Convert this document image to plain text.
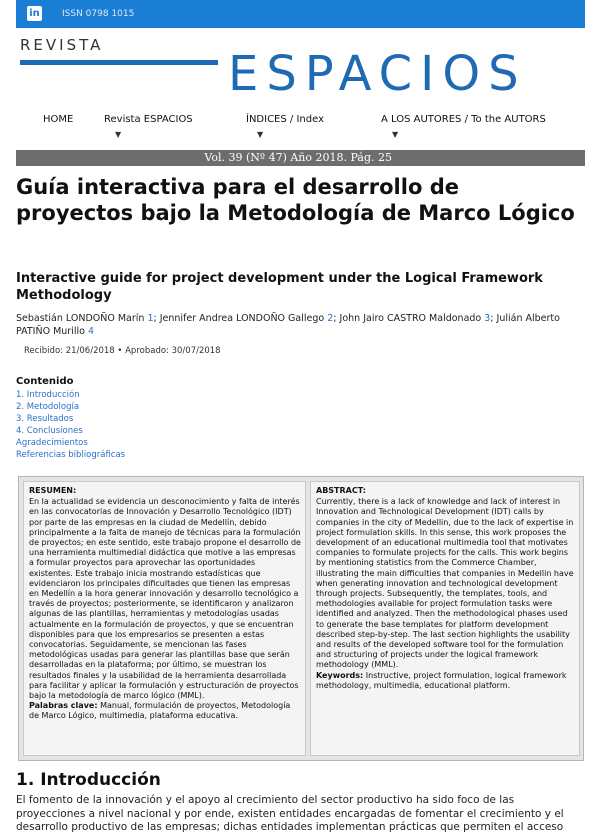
in ISSN 0798 1015
REVISTA
ESPACIOS
HOME	Revista ESPACIOS
▼
ÍNDICES / Index
▼
A LOS AUTORES / To the AUTORS
▼
Vol. 39 (Nº 47) Año 2018. Pág. 25
Guía interactiva para el desarrollo de proyectos bajo la Metodología de Marco Lógico
Interactive guide for project development under the Logical Framework Methodology
Sebastián LONDOÑO Marín 1; Jennifer Andrea LONDOÑO Gallego 2; John Jairo CASTRO Maldonado 3; Julián Alberto PATIÑO Murillo 4
Recibido: 21/06/2018 • Aprobado: 30/07/2018
Contenido
1. Introducción
2. Metodología
3. Resultados
4. Conclusiones
Agradecimientos
Referencias bibliográficas
RESUMEN:
En la actualidad se evidencia un desconocimiento y falta de interés en las convocatorias de Innovación y Desarrollo Tecnológico (IDT) por parte de las empresas en la ciudad de Medellín, debido principalmente a la falta de manejo de técnicas para la formulación de proyectos; en este sentido, este trabajo propone el desarrollo de una herramienta multimedial didáctica que motive a las empresas a formular proyectos para aprovechar las oportunidades existentes. Este trabajo inicia mostrando estadísticas que evidenciaron los principales dificultades que tienen las empresas en Medellín a la hora generar innovación y desarrollo tecnológico a través de proyectos; posteriormente, se identificaron y analizaron algunas de las plantillas, herramientas y metodologías usadas actualmente en la formulación de proyectos, y que se encuentran disponibles para que los empresarios se presenten a estas convocatorias. Seguidamente, se mencionan las fases metodológicas usadas para generar las plantillas base que serán desarrolladas en la plataforma; por último, se muestran los resultados finales y la usabilidad de la herramienta desarrollada para facilitar y aplicar la formulación y estructuración de proyectos bajo la metodología de marco lógico (MML).
Palabras clave: Manual, formulación de proyectos, Metodología de Marco Lógico, multimedia, plataforma educativa.
ABSTRACT:
Currently, there is a lack of knowledge and lack of interest in Innovation and Technological Development (IDT) calls by companies in the city of Medellin, due to the lack of expertise in project formulation skills. In this sense, this work proposes the development of an educational multimedia tool that motivates companies to formulate projects for the calls. This work begins by mentioning statistics from the Commerce Chamber, illustrating the main difficulties that companies in Medellin have when generating innovation and technological development through projects. Subsequently, the templates, tools, and methodologies available for project formulation tasks were identified and analyzed. Then the methodological phases used to generate the base templates for platform development described step-by-step. The last section highlights the usability and results of the developed software tool for the formulation and structuring of projects under the logical framework methodology (MML).
Keywords: Instructive, project formulation, logical framework methodology, multimedia, educational platform.
1. Introducción

El fomento de la innovación y el apoyo al crecimiento del sector productivo ha sido foco de las proyecciones a nivel nacional y por ende, existen entidades encargadas de fomentar el crecimiento y el desarrollo productivo de las empresas; dichas entidades implementan prácticas que permiten el acceso
